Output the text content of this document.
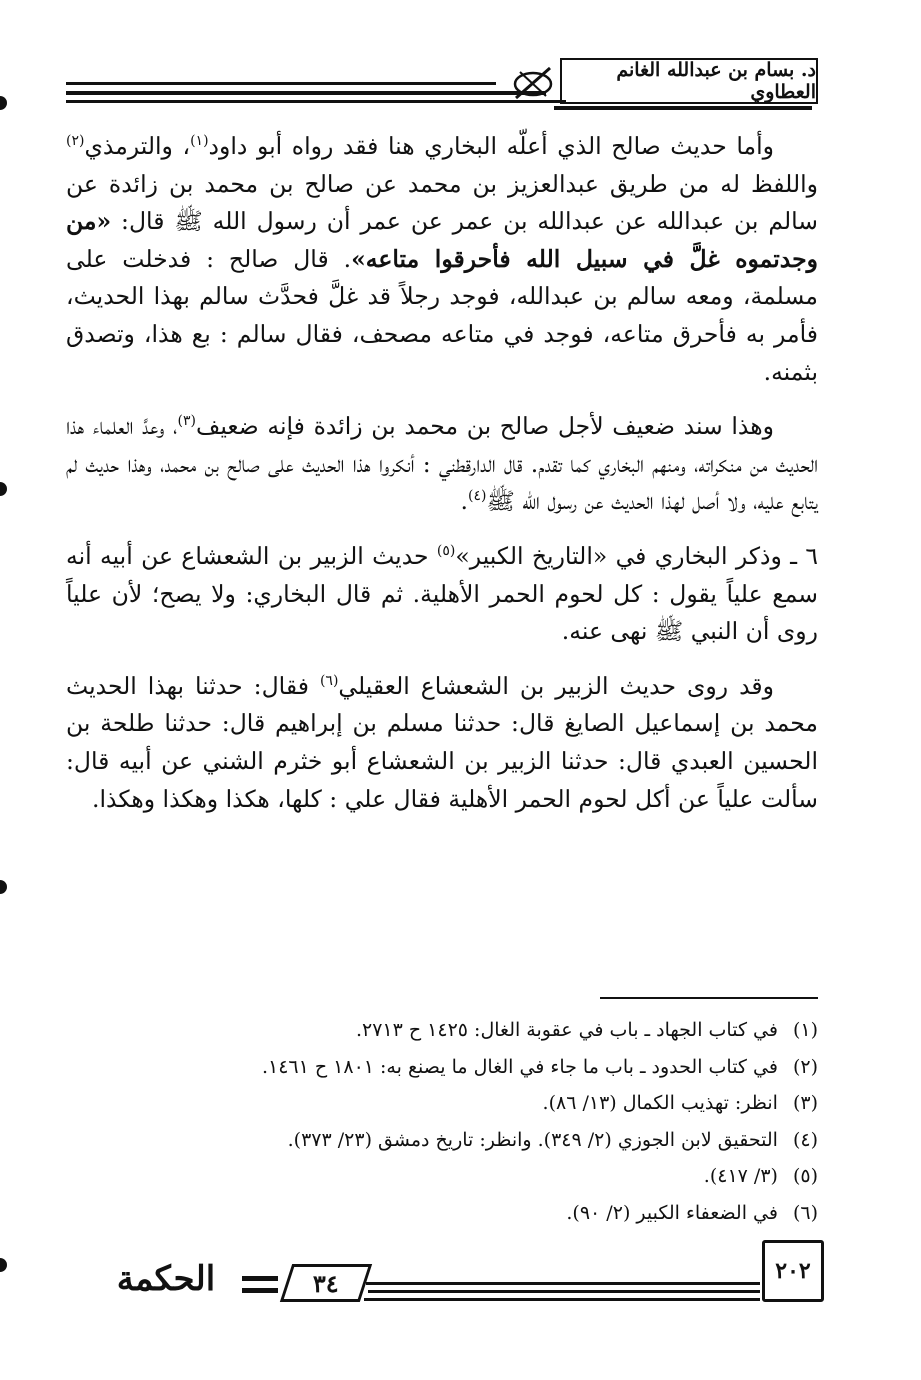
د. بسام بن عبدالله الغانم العطاوي

وأما حديث صالح الذي أعلّه البخاري هنا فقد رواه أبو داود$^{(١)}$، والترمذي$^{(٢)}$ واللفظ له من طريق عبدالعزيز بن محمد عن صالح بن محمد بن زائدة عن سالم بن عبدالله عن عبدالله بن عمر عن عمر أن رسول الله ﷺ قال: «من وجدتموه غلَّ في سبيل الله فأحرقوا متاعه». قال صالح : فدخلت على مسلمة، ومعه سالم بن عبدالله، فوجد رجلاً قد غلَّ فحدَّث سالم بهذا الحديث، فأمر به فأحرق متاعه، فوجد في متاعه مصحف، فقال سالم : بع هذا، وتصدق بثمنه.

وهذا سند ضعيف لأجل صالح بن محمد بن زائدة فإنه ضعيف$^{(٣)}$، وعدَّ العلماء هذا الحديث من منكراته، ومنهم البخاري كما تقدم. قال الدارقطني : أنكروا هذا الحديث على صالح بن محمد، وهذا حديث لم يتابع عليه، ولا أصل لهذا الحديث عن رسول الله ﷺ$^{(٤)}$.

٦ ـ وذكر البخاري في «التاريخ الكبير»$^{(٥)}$ حديث الزبير بن الشعشاع عن أبيه أنه سمع علياً يقول : كل لحوم الحمر الأهلية. ثم قال البخاري: ولا يصح؛ لأن علياً روى أن النبي ﷺ نهى عنه.

وقد روى حديث الزبير بن الشعشاع العقيلي$^{(٦)}$ فقال: حدثنا بهذا الحديث محمد بن إسماعيل الصايغ قال: حدثنا مسلم بن إبراهيم قال: حدثنا طلحة بن الحسين العبدي قال: حدثنا الزبير بن الشعشاع أبو خثرم الشني عن أبيه قال: سألت علياً عن أكل لحوم الحمر الأهلية فقال علي : كلها، هكذا وهكذا وهكذا.

(١) في كتاب الجهاد ـ باب في عقوبة الغال: ١٤٢٥ ح ٢٧١٣.
(٢) في كتاب الحدود ـ باب ما جاء في الغال ما يصنع به: ١٨٠١ ح ١٤٦١.
(٣) انظر: تهذيب الكمال (١٣/ ٨٦).
(٤) التحقيق لابن الجوزي (٢/ ٣٤٩). وانظر: تاريخ دمشق (٢٣/ ٣٧٣).
(٥) (٣/ ٤١٧).
(٦) في الضعفاء الكبير (٢/ ٩٠).
٢٠٢
٣٤
الحكمة
